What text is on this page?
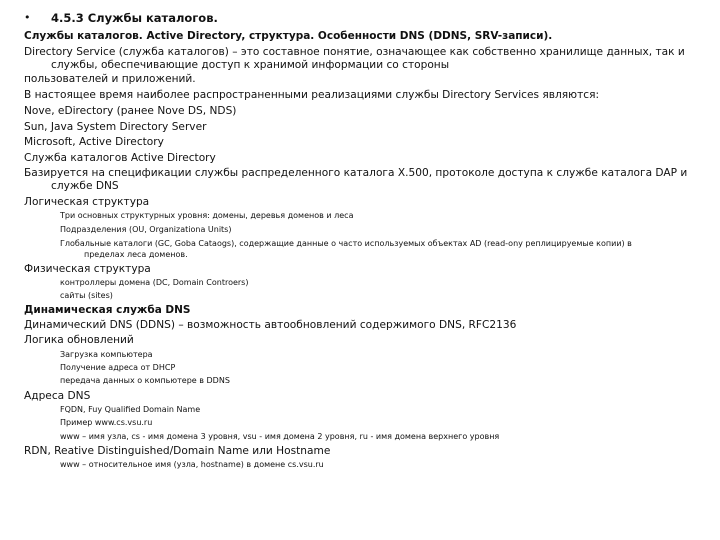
• 4.5.3 Службы каталогов.
Службы каталогов. Active Directory, структура. Особенности DNS (DDNS, SRV-записи).
Directory Service (служба каталогов) – это составное понятие, означающее как собственно хранилище данных, так и
службы, обеспечивающие доступ к хранимой информации со стороны
пользователей и приложений.
В настоящее время наиболее распространенными реализациями службы Directory Services являются:
Nove, eDirectory (ранее Nove DS, NDS)
Sun, Java System Directory Server
Microsoft, Active Directory
Служба каталогов Active Directory
Базируется на спецификации службы распределенного каталога X.500, протоколе доступа к службе каталога DAP и
службе DNS
Логическая структура
Три основных структурных уровня: домены, деревья доменов и леса
Подразделения (OU, Organizationa Units)
Глобальные каталоги (GC, Goba Cataogs), содержащие данные о часто используемых объектах AD (read-ony реплицируемые копии) в
пределах леса доменов.
Физическая структура
контроллеры домена (DC, Domain Controers)
сайты (sites)
Динамическая служба DNS
Динамический DNS (DDNS) – возможность автообновлений содержимого DNS, RFC2136
Логика обновлений
Загрузка компьютера
Получение адреса от DHCP
передача данных о компьютере в DDNS
Адреса DNS
FQDN, Fuy Qualified Domain Name
Пример www.cs.vsu.ru
www – имя узла, cs - имя домена 3 уровня, vsu - имя домена 2 уровня, ru - имя домена верхнего уровня
RDN, Reative Distinguished/Domain Name или Hostname
www – относительное имя (узла, hostname) в домене cs.vsu.ru
